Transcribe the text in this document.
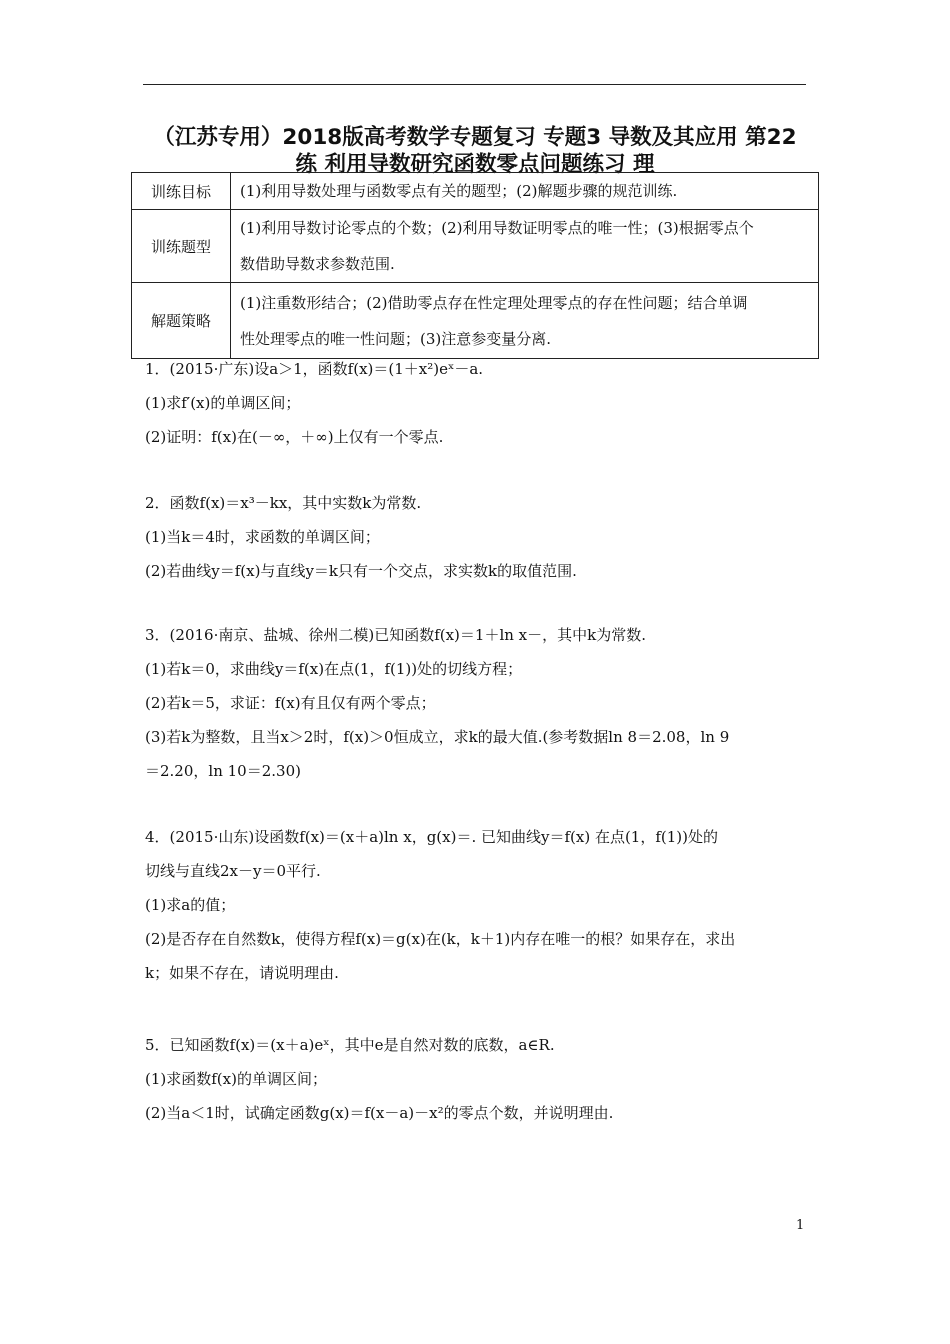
（江苏专用）2018版高考数学专题复习 专题3 导数及其应用 第22
练 利用导数研究函数零点问题练习 理
训练目标	(1)利用导数处理与函数零点有关的题型；(2)解题步骤的规范训练.

训练题型	(1)利用导数讨论零点的个数；(2)利用导数证明零点的唯一性；(3)根据零点个
数借助导数求参数范围.

解题策略	(1)注重数形结合；(2)借助零点存在性定理处理零点的存在性问题；结合单调
性处理零点的唯一性问题；(3)注意参变量分离.

1．(2015·广东)设a＞1，函数f(x)＝(1＋x²)eˣ－a.

(1)求f′(x)的单调区间；

(2)证明：f(x)在(－∞，＋∞)上仅有一个零点.

2．函数f(x)＝x³－kx，其中实数k为常数.

(1)当k＝4时，求函数的单调区间；

(2)若曲线y＝f(x)与直线y＝k只有一个交点，求实数k的取值范围.

3．(2016·南京、盐城、徐州二模)已知函数f(x)＝1＋ln x－，其中k为常数.

(1)若k＝0，求曲线y＝f(x)在点(1，f(1))处的切线方程；

(2)若k＝5，求证：f(x)有且仅有两个零点；

(3)若k为整数，且当x＞2时，f(x)＞0恒成立，求k的最大值.(参考数据ln 8＝2.08，ln 9

＝2.20，ln 10＝2.30)

4．(2015·山东)设函数f(x)＝(x＋a)ln x，g(x)＝. 已知曲线y＝f(x) 在点(1，f(1))处的

切线与直线2x－y＝0平行.

(1)求a的值；

(2)是否存在自然数k，使得方程f(x)＝g(x)在(k，k＋1)内存在唯一的根？如果存在，求出

k；如果不存在，请说明理由.

5．已知函数f(x)＝(x＋a)eˣ，其中e是自然对数的底数，a∈R.

(1)求函数f(x)的单调区间；

(2)当a＜1时，试确定函数g(x)＝f(x－a)－x²的零点个数，并说明理由.

1
